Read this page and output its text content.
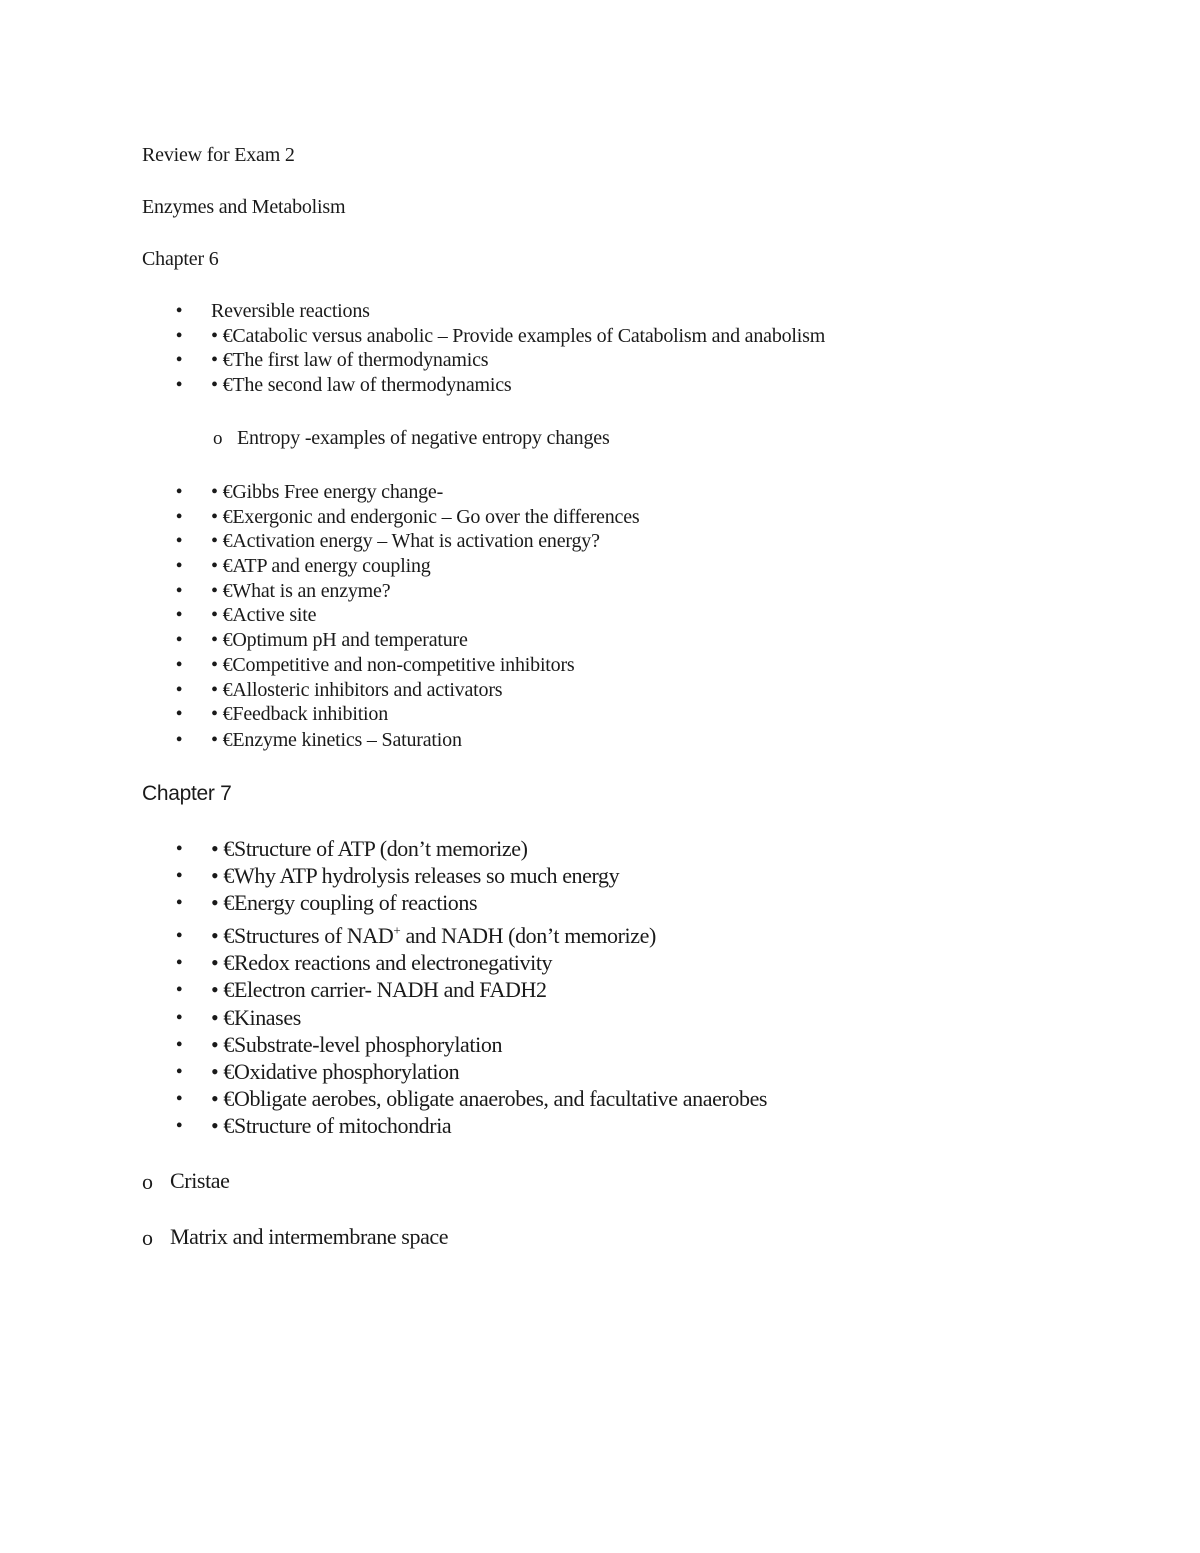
Review for Exam 2
Enzymes and Metabolism
Chapter 6
• Reversible reactions
• • €Catabolic versus anabolic – Provide examples of Catabolism and anabolism
• • €The first law of thermodynamics
• • €The second law of thermodynamics
o Entropy -examples of negative entropy changes
• • €Gibbs Free energy change-
• • €Exergonic and endergonic – Go over the differences
• • €Activation energy – What is activation energy?
• • €ATP and energy coupling
• • €What is an enzyme?
• • €Active site
• • €Optimum pH and temperature
• • €Competitive and non-competitive inhibitors
• • €Allosteric inhibitors and activators
• • €Feedback inhibition
• • €Enzyme kinetics – Saturation
Chapter 7
• • €Structure of ATP (don’t memorize)
• • €Why ATP hydrolysis releases so much energy
• • €Energy coupling of reactions
• • €Structures of NAD+ and NADH (don’t memorize)
• • €Redox reactions and electronegativity
• • €Electron carrier- NADH and FADH2
• • €Kinases
• • €Substrate-level phosphorylation
• • €Oxidative phosphorylation
• • €Obligate aerobes, obligate anaerobes, and facultative anaerobes
• • €Structure of mitochondria
o Cristae
o Matrix and intermembrane space
